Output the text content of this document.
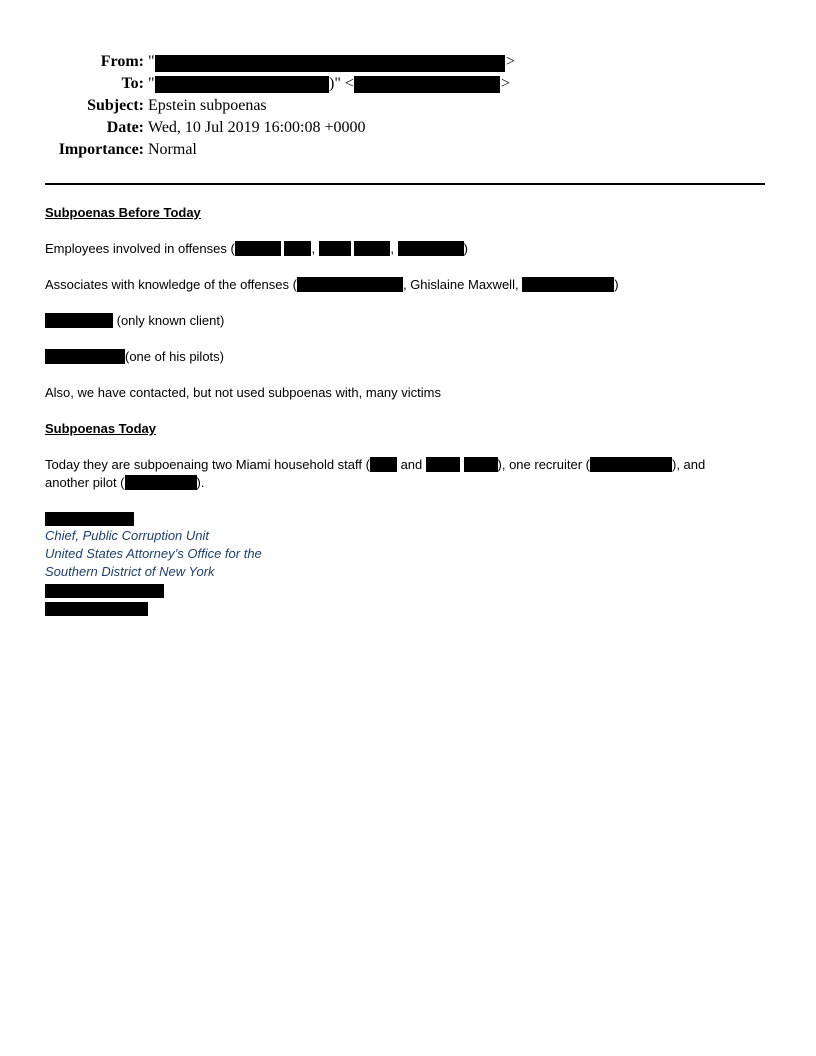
From: "	>
To: "	)" <	>
Subject: Epstein subpoenas
Date: Wed, 10 Jul 2019 16:00:08 +0000
Importance: Normal
Subpoenas Before Today
Employees involved in offenses (	,	,	)
Associates with knowledge of the offenses (	, Ghislaine Maxwell,	)
(only known client)
(one of his pilots)
Also, we have contacted, but not used subpoenas with, many victims
Subpoenas Today
Today they are subpoenaing two Miami household staff ( and	), one recruiter (	), and
another pilot (	).
Chief, Public Corruption Unit
United States Attorney’s Office for the
Southern District of New York
